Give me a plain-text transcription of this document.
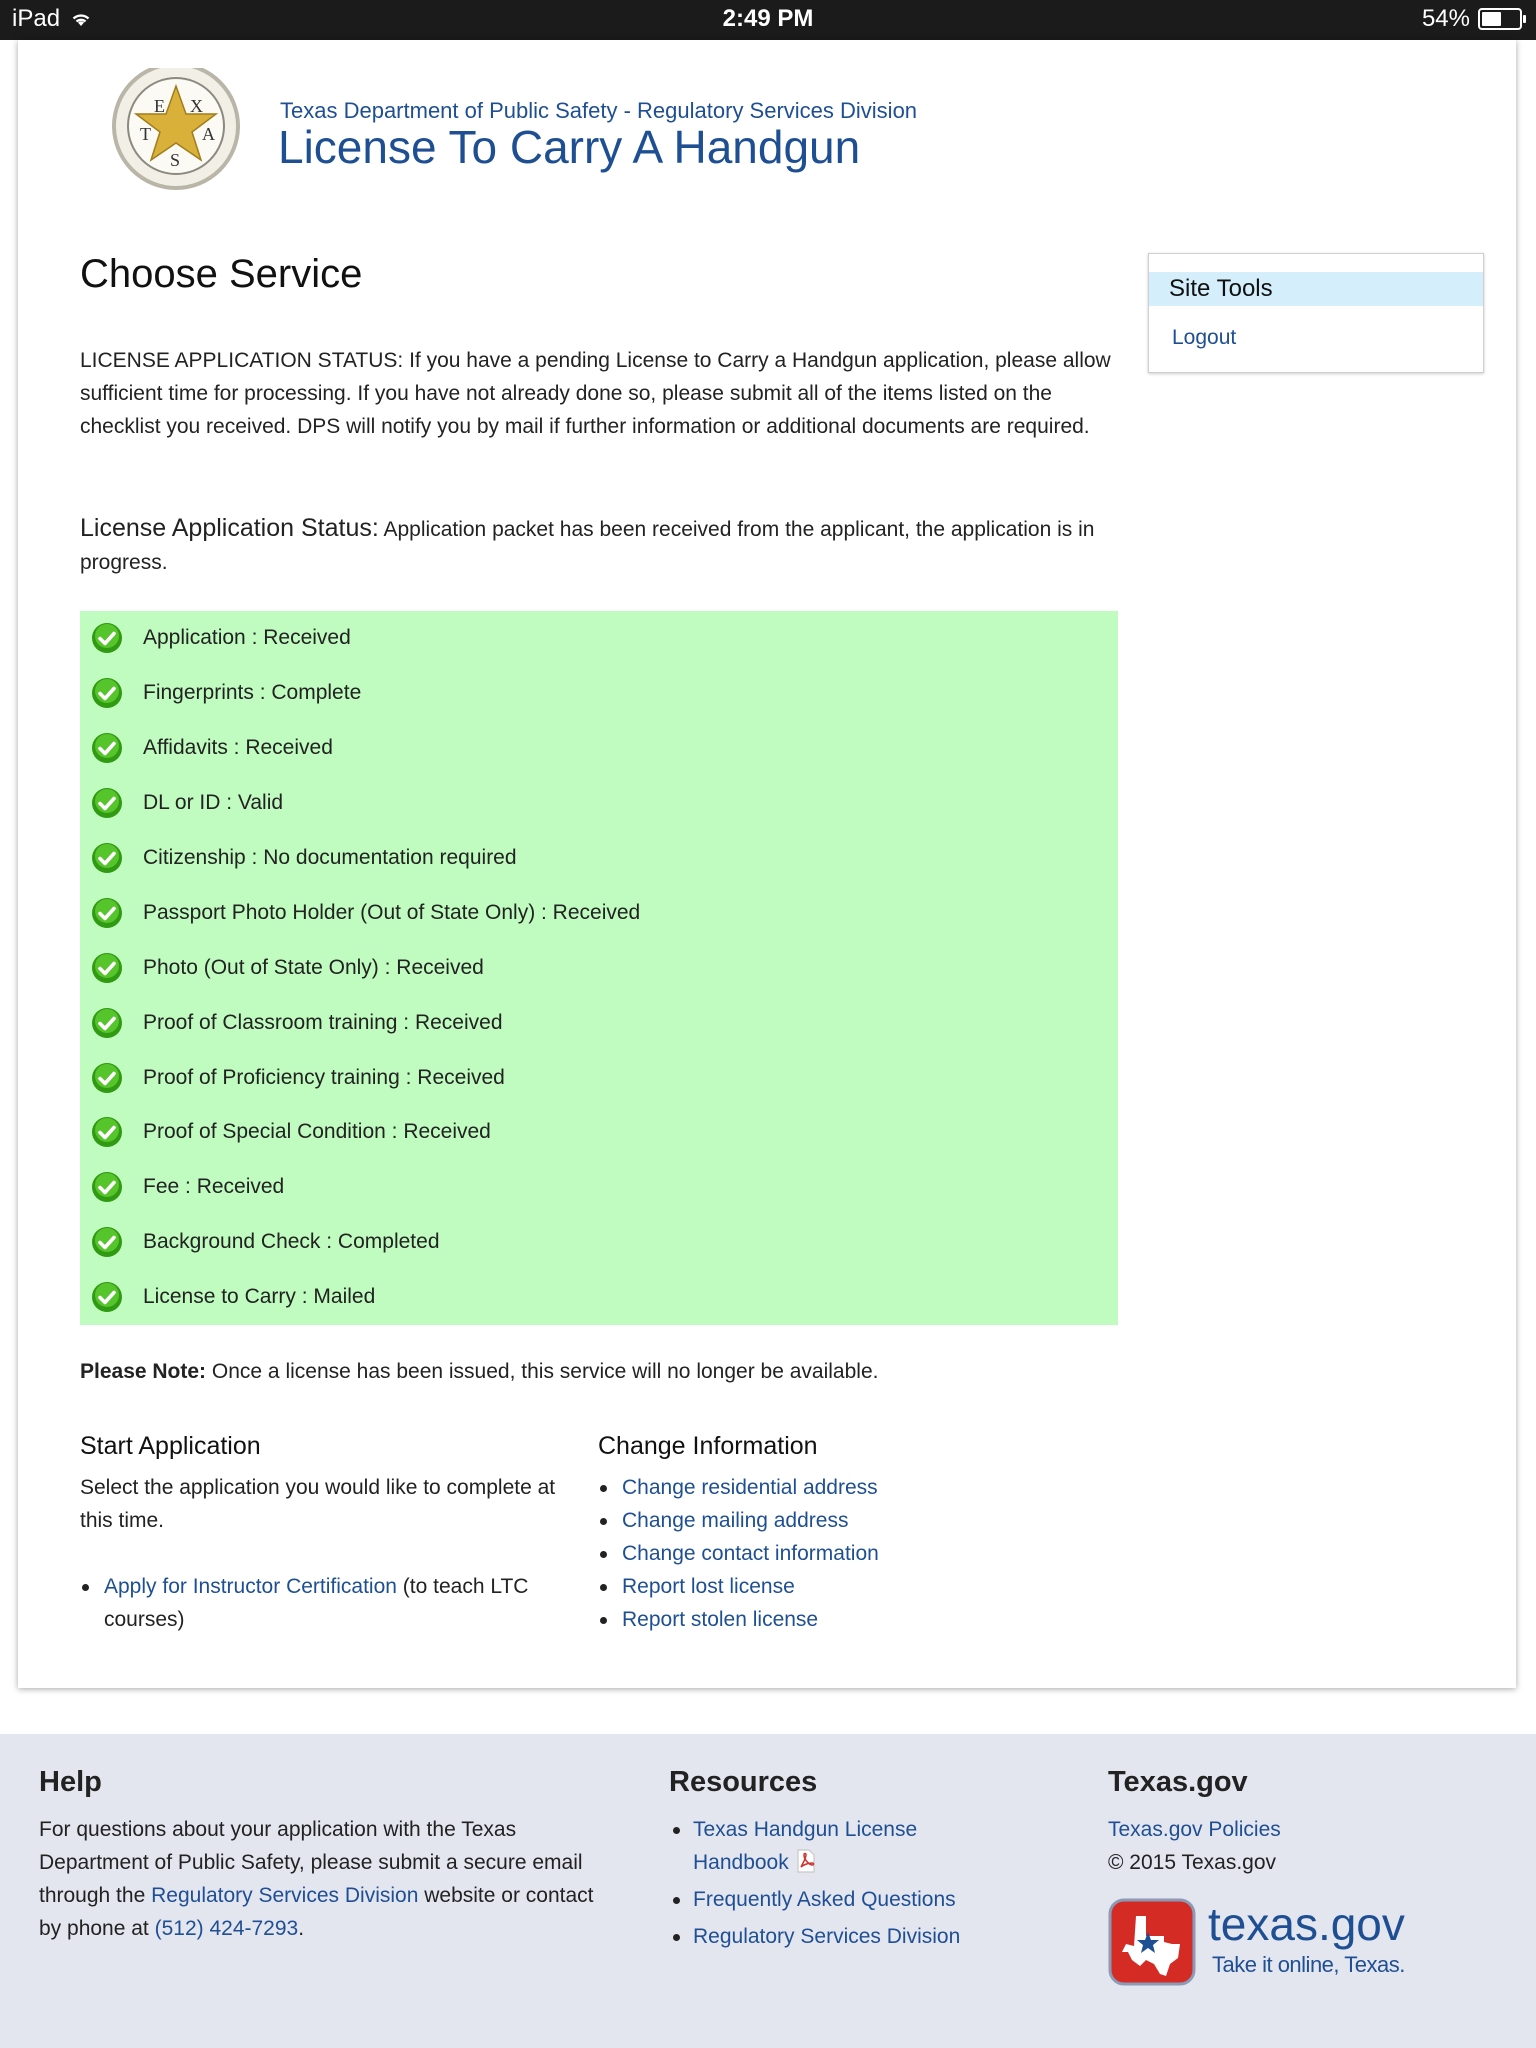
iPad	2:49 PM	54%
E X
T	A
S
Texas Department of Public Safety - Regulatory Services Division
License To Carry A Handgun
Choose Service
LICENSE APPLICATION STATUS: If you have a pending License to Carry a Handgun application, please allow sufficient time for processing. If you have not already done so, please submit all of the items listed on the checklist you received. DPS will notify you by mail if further information or additional documents are required.
License Application Status: Application packet has been received from the applicant, the application is in progress.
Application : Received
Fingerprints : Complete
Affidavits : Received
DL or ID : Valid
Citizenship : No documentation required
Passport Photo Holder (Out of State Only) : Received
Photo (Out of State Only) : Received
Proof of Classroom training : Received
Proof of Proficiency training : Received
Proof of Special Condition : Received
Fee : Received
Background Check : Completed
License to Carry : Mailed
Please Note: Once a license has been issued, this service will no longer be available.
Start Application
Select the application you would like to complete at this time.
Apply for Instructor Certification (to teach LTC courses)
Change Information
Change residential address
Change mailing address
Change contact information
Report lost license
Report stolen license
Site Tools
Logout
Help
For questions about your application with the Texas Department of Public Safety, please submit a secure email through the Regulatory Services Division website or contact by phone at (512) 424-7293.
Resources
Texas Handgun License Handbook
Frequently Asked Questions
Regulatory Services Division
Texas.gov
Texas.gov Policies
© 2015 Texas.gov
texas.gov
Take it online, Texas.
